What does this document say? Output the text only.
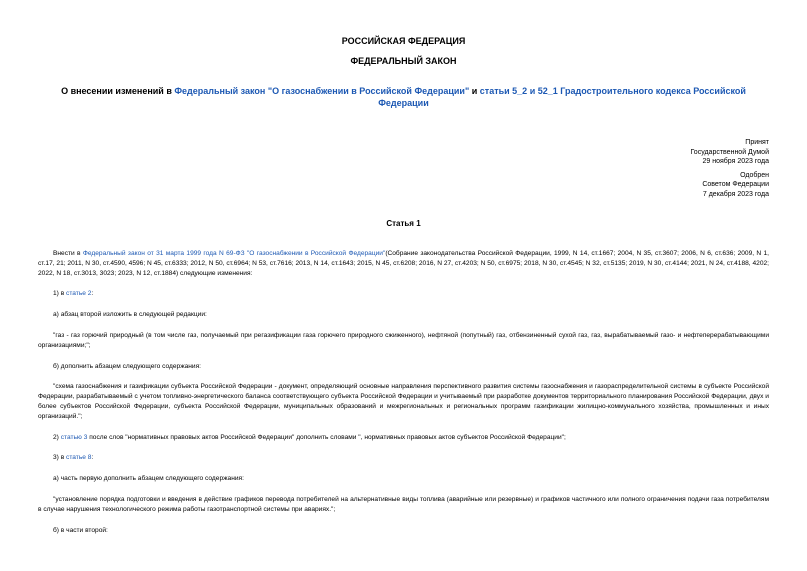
РОССИЙСКАЯ ФЕДЕРАЦИЯ
ФЕДЕРАЛЬНЫЙ ЗАКОН
О внесении изменений в Федеральный закон "О газоснабжении в Российской Федерации" и статьи 5_2 и 52_1 Градостроительного кодекса Российской Федерации
Принят
Государственной Думой
29 ноября 2023 года
Одобрен
Советом Федерации
7 декабря 2023 года
Статья 1

Внести в Федеральный закон от 31 марта 1999 года N 69-ФЗ "О газоснабжении в Российской Федерации"(Собрание законодательства Российской Федерации, 1999, N 14, ст.1667; 2004, N 35, ст.3607; 2006, N 6, ст.636; 2009, N 1, ст.17, 21; 2011, N 30, ст.4590, 4596; N 45, ст.6333; 2012, N 50, ст.6964; N 53, ст.7616; 2013, N 14, ст.1643; 2015, N 45, ст.6208; 2016, N 27, ст.4203; N 50, ст.6975; 2018, N 30, ст.4545; N 32, ст.5135; 2019, N 30, ст.4144; 2021, N 24, ст.4188, 4202; 2022, N 18, ст.3013, 3023; 2023, N 12, ст.1884) следующие изменения:

1) в статье 2:

а) абзац второй изложить в следующей редакции:

"газ - газ горючий природный (в том числе газ, получаемый при регазификации газа горючего природного сжиженного), нефтяной (попутный) газ, отбензиненный сухой газ, газ, вырабатываемый газо- и нефтеперерабатывающими организациями;";

б) дополнить абзацем следующего содержания:

"схема газоснабжения и газификации субъекта Российской Федерации - документ, определяющий основные направления перспективного развития системы газоснабжения и газораспределительной системы в субъекте Российской Федерации, разрабатываемый с учетом топливно-энергетического баланса соответствующего субъекта Российской Федерации и учитываемый при разработке документов территориального планирования Российской Федерации, двух и более субъектов Российской Федерации, субъекта Российской Федерации, муниципальных образований и межрегиональных и региональных программ газификации жилищно-коммунального хозяйства, промышленных и иных организаций.";

2) статью 3 после слов "нормативных правовых актов Российской Федерации" дополнить словами ", нормативных правовых актов субъектов Российской Федерации";

3) в статье 8:

а) часть первую дополнить абзацем следующего содержания:

"установление порядка подготовки и введения в действие графиков перевода потребителей на альтернативные виды топлива (аварийные или резервные) и графиков частичного или полного ограничения подачи газа потребителям в случае нарушения технологического режима работы газотранспортной системы при авариях.";

б) в части второй:
